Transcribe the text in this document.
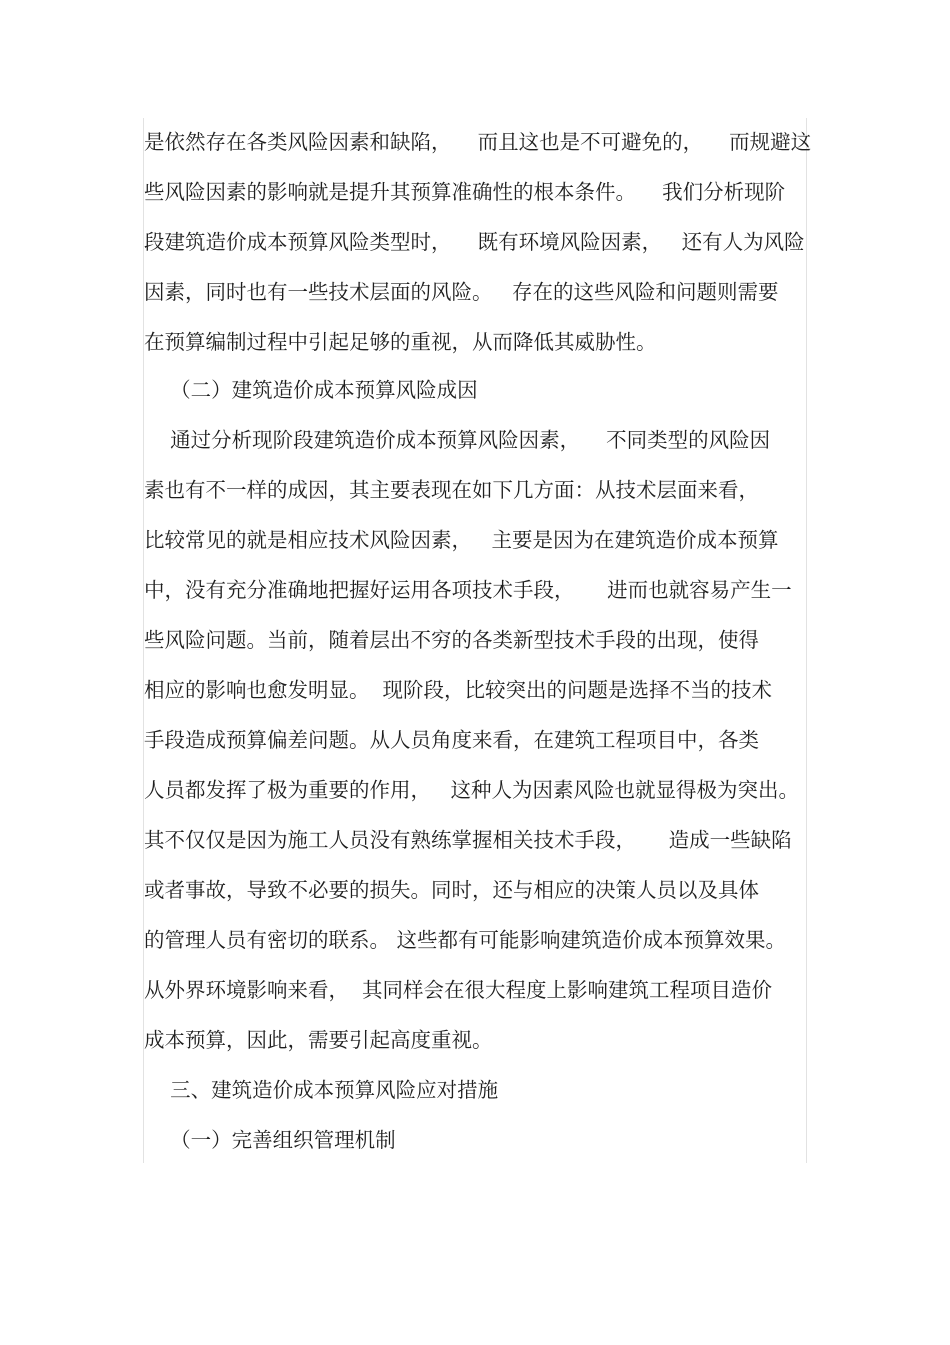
是依然存在各类风险因素和缺陷，    而且这也是不可避免的，    而规避这

些风险因素的影响就是提升其预算准确性的根本条件。    我们分析现阶

段建筑造价成本预算风险类型时，    既有环境风险因素，   还有人为风险

因素，同时也有一些技术层面的风险。   存在的这些风险和问题则需要

在预算编制过程中引起足够的重视，从而降低其威胁性。

（二）建筑造价成本预算风险成因

通过分析现阶段建筑造价成本预算风险因素，    不同类型的风险因

素也有不一样的成因，其主要表现在如下几方面：从技术层面来看，

比较常见的就是相应技术风险因素，   主要是因为在建筑造价成本预算

中，没有充分准确地把握好运用各项技术手段，     进而也就容易产生一

些风险问题。当前，随着层出不穷的各类新型技术手段的出现，使得

相应的影响也愈发明显。  现阶段，比较突出的问题是选择不当的技术

手段造成预算偏差问题。从人员角度来看，在建筑工程项目中，各类

人员都发挥了极为重要的作用，   这种人为因素风险也就显得极为突出。

其不仅仅是因为施工人员没有熟练掌握相关技术手段，     造成一些缺陷

或者事故，导致不必要的损失。同时，还与相应的决策人员以及具体

的管理人员有密切的联系。 这些都有可能影响建筑造价成本预算效果。

从外界环境影响来看，  其同样会在很大程度上影响建筑工程项目造价

成本预算，因此，需要引起高度重视。

三、建筑造价成本预算风险应对措施

（一）完善组织管理机制
